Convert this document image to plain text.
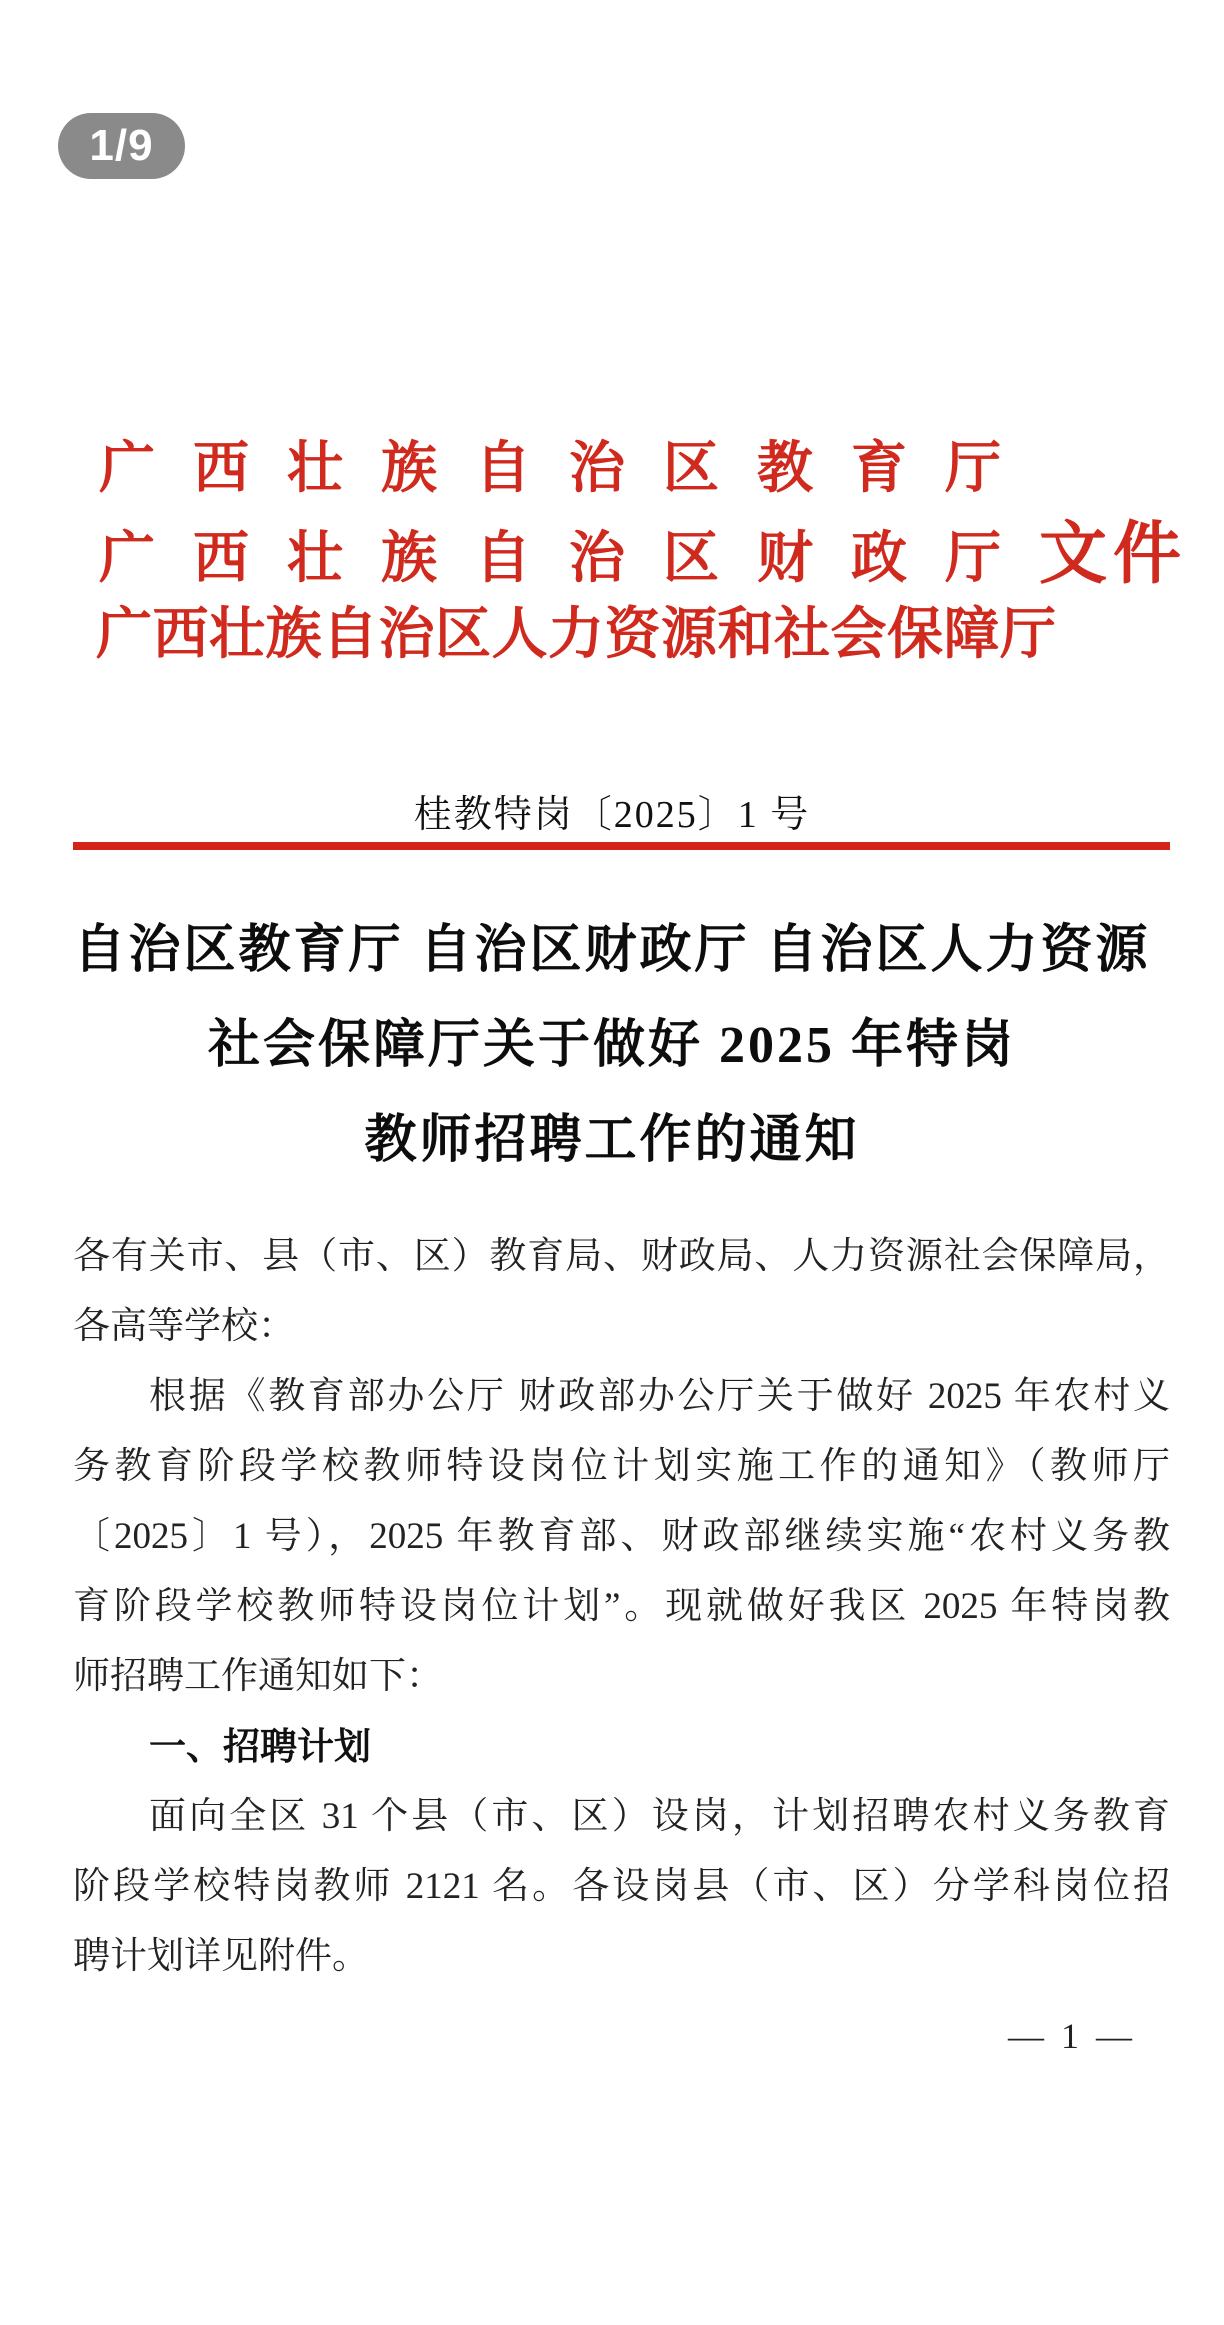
1/9
广西壮族自治区教育厅
广西壮族自治区财政厅 文件
广西壮族自治区人力资源和社会保障厅
桂教特岗〔2025〕1 号
自治区教育厅 自治区财政厅 自治区人力资源
社会保障厅关于做好 2025 年特岗
教师招聘工作的通知
各有关市、县（市、区）教育局、财政局、人力资源社会保障局，
各高等学校：
根据《教育部办公厅 财政部办公厅关于做好 2025 年农村义
务教育阶段学校教师特设岗位计划实施工作的通知》（教师厅
〔2025〕1 号），2025 年教育部、财政部继续实施“农村义务教
育阶段学校教师特设岗位计划”。现就做好我区 2025 年特岗教
师招聘工作通知如下：
一、招聘计划
面向全区 31 个县（市、区）设岗，计划招聘农村义务教育
阶段学校特岗教师 2121 名。各设岗县（市、区）分学科岗位招
聘计划详见附件。
— 1 —
